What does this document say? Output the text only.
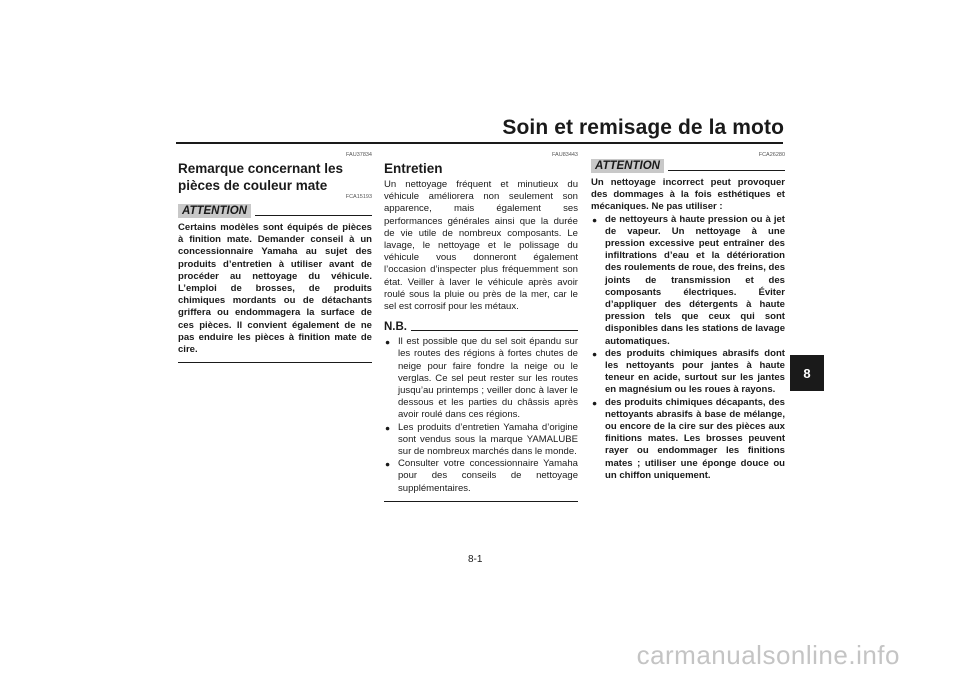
Soin et remisage de la moto
FAU37834
Remarque concernant les pièces de couleur mate
FCA15193
ATTENTION
Certains modèles sont équipés de pièces à finition mate. Demander conseil à un concessionnaire Yamaha au sujet des produits d’entretien à utiliser avant de procéder au nettoyage du véhicule. L’emploi de brosses, de produits chimiques mordants ou de détachants griffera ou endommagera la surface de ces pièces. Il convient également de ne pas enduire les pièces à finition mate de cire.
FAU83443
Entretien
Un nettoyage fréquent et minutieux du véhicule améliorera non seulement son apparence, mais également ses performances générales ainsi que la durée de vie utile de nombreux composants. Le lavage, le nettoyage et le polissage du véhicule vous donneront également l’occasion d’inspecter plus fréquemment son état. Veiller à laver le véhicule après avoir roulé sous la pluie ou près de la mer, car le sel est corrosif pour les métaux.
N.B.
● Il est possible que du sel soit épandu sur les routes des régions à fortes chutes de neige pour faire fondre la neige ou le verglas. Ce sel peut rester sur les routes jusqu’au printemps ; veiller donc à laver le dessous et les parties du châssis après avoir roulé dans ces régions.
● Les produits d’entretien Yamaha d’origine sont vendus sous la marque YAMALUBE sur de nombreux marchés dans le monde.
● Consulter votre concessionnaire Yamaha pour des conseils de nettoyage supplémentaires.
FCA26280
ATTENTION
Un nettoyage incorrect peut provoquer des dommages à la fois esthétiques et mécaniques. Ne pas utiliser :
● de nettoyeurs à haute pression ou à jet de vapeur. Un nettoyage à une pression excessive peut entraîner des infiltrations d’eau et la détérioration des roulements de roue, des freins, des joints de transmission et des composants électriques. Éviter d’appliquer des détergents à haute pression tels que ceux qui sont disponibles dans les stations de lavage automatiques.
● des produits chimiques abrasifs dont les nettoyants pour jantes à haute teneur en acide, surtout sur les jantes en magnésium ou les roues à rayons.
● des produits chimiques décapants, des nettoyants abrasifs à base de mélange, ou encore de la cire sur des pièces aux finitions mates. Les brosses peuvent rayer ou endommager les finitions mates ; utiliser une éponge douce ou un chiffon uniquement.
8
8-1
carmanualsonline.info
